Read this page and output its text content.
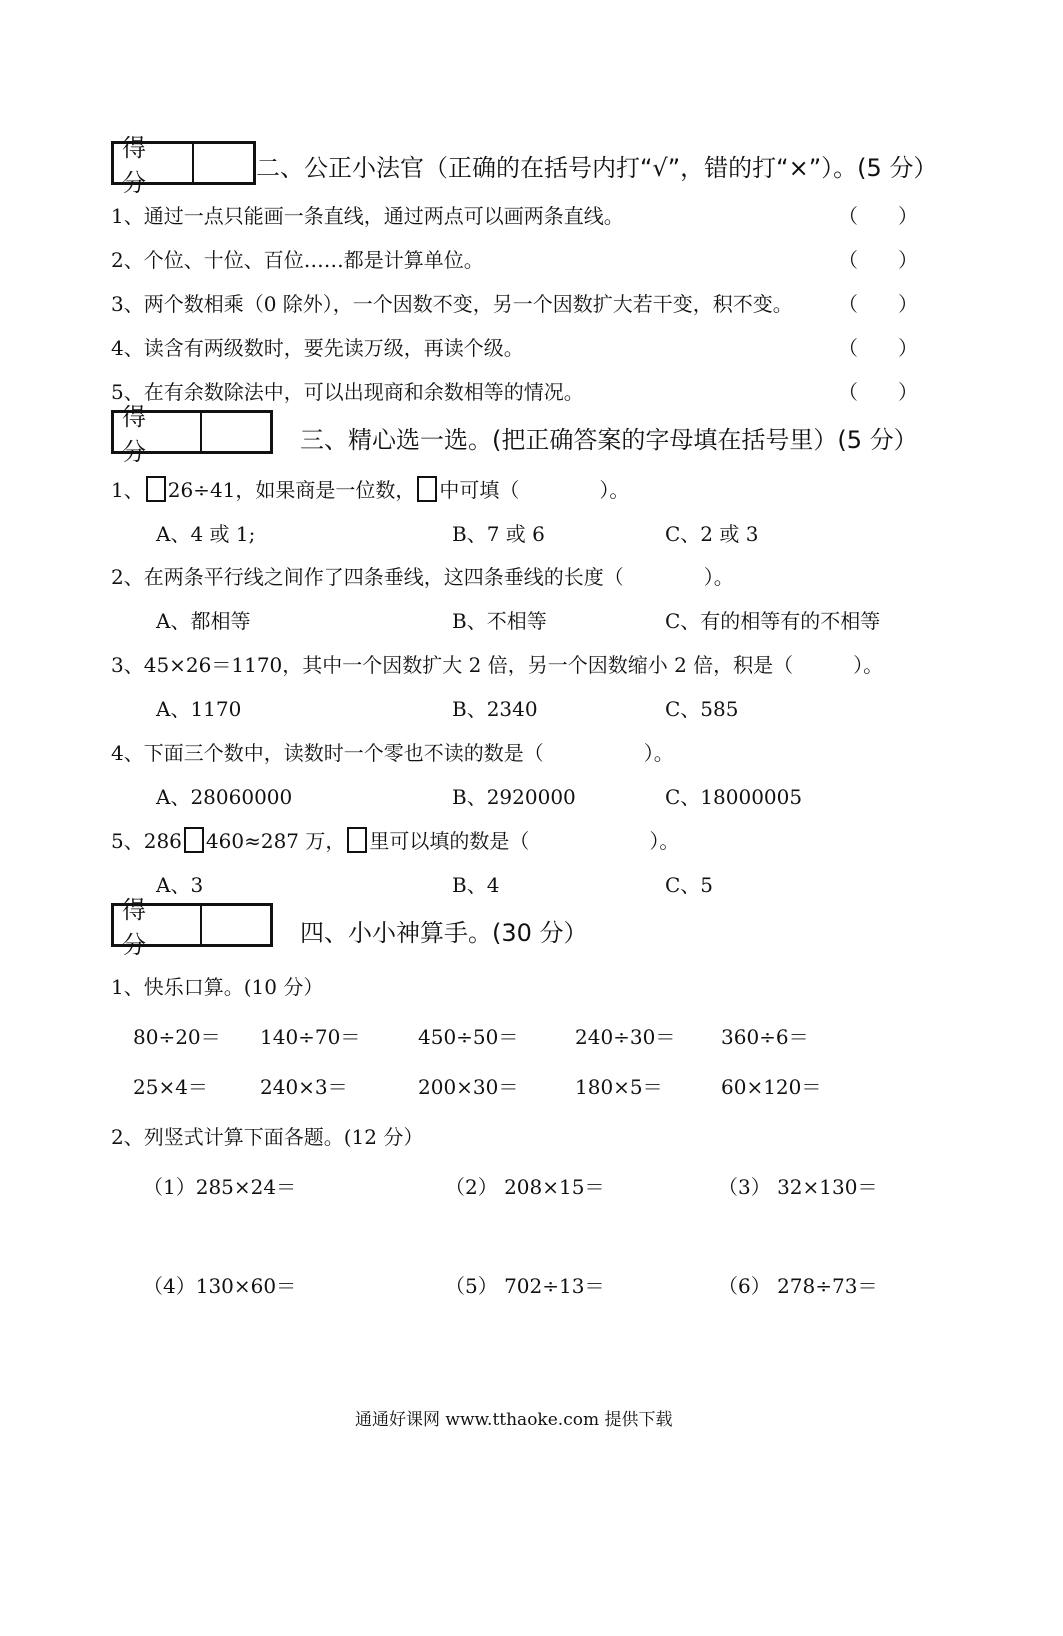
得 分
二、公正小法官（正确的在括号内打“√”，错的打“×”）。(5 分）
1、通过一点只能画一条直线，通过两点可以画两条直线。	（　　）
2、个位、十位、百位……都是计算单位。	（　　）
3、两个数相乘（0 除外），一个因数不变，另一个因数扩大若干变，积不变。 （　　）
4、读含有两级数时，要先读万级，再读个级。	（　　）
5、在有余数除法中，可以出现商和余数相等的情况。	（　　）
得 分	三、精心选一选。(把正确答案的字母填在括号里）(5 分）
1、 26÷41，如果商是一位数， 中可填（　　　　）。
A、4 或 1;	B、7 或 6	C、2 或 3
2、在两条平行线之间作了四条垂线，这四条垂线的长度（　　　　）。
A、都相等	B、不相等	C、有的相等有的不相等
3、45×26＝1170，其中一个因数扩大 2 倍，另一个因数缩小 2 倍，积是（　　　）。
A、1170	B、2340	C、585
4、下面三个数中，读数时一个零也不读的数是（　　　　　）。
A、28060000	B、2920000	C、18000005
5、286 460≈287 万， 里可以填的数是（　　　　　　）。
A、3	B、4	C、5
得 分	四、小小神算手。(30 分）
1、快乐口算。(10 分）
80÷20＝ 140÷70＝	450÷50＝	240÷30＝ 360÷6＝
25×4＝	240×3＝	200×30＝	180×5＝	60×120＝
2、列竖式计算下面各题。(12 分）
（1）285×24＝	（2） 208×15＝	（3） 32×130＝
（4）130×60＝	（5） 702÷13＝	（6） 278÷73＝
通通好课网 www.tthaoke.com 提供下载
